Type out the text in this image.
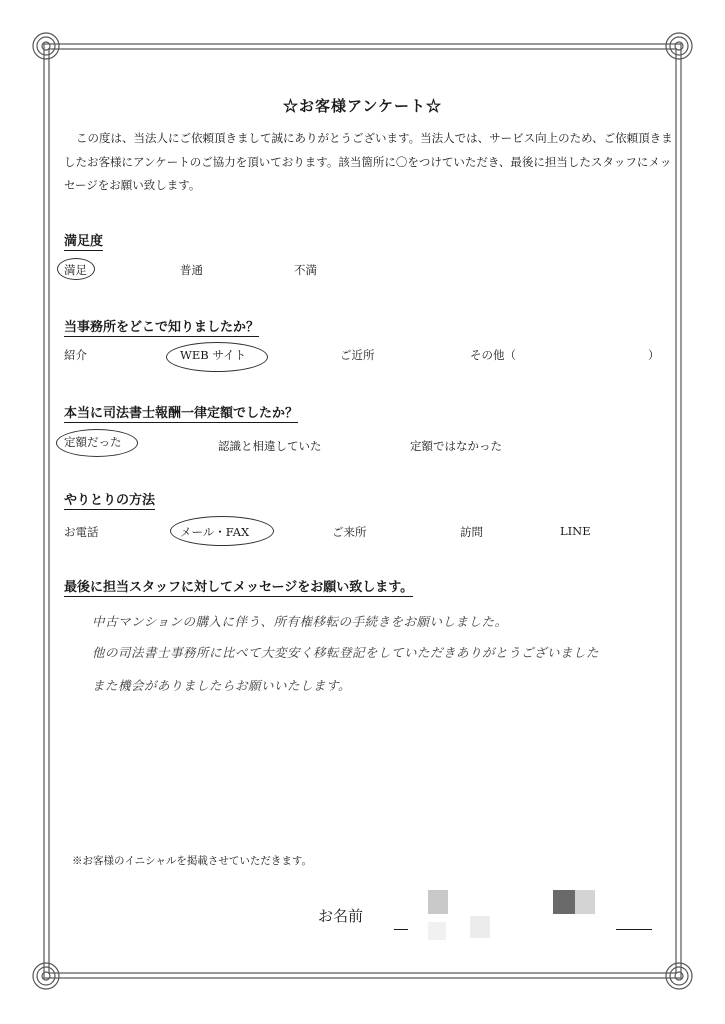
☆お客様アンケート☆
この度は、当法人にご依頼頂きまして誠にありがとうございます。当法人では、サービス向上のため、ご依頼頂きましたお客様にアンケートのご協力を頂いております。該当箇所に〇をつけていただき、最後に担当したスタッフにメッセージをお願い致します。
満足度
満足	普通	不満
当事務所をどこで知りましたか？
紹介	WEB サイト	ご近所	その他（	）
本当に司法書士報酬一律定額でしたか？
定額だった	認識と相違していた	定額ではなかった
やりとりの方法
お電話	メール・FAX	ご来所	訪問	LINE
最後に担当スタッフに対してメッセージをお願い致します。
中古マンションの購入に伴う、所有権移転の手続きをお願いしました。
他の司法書士事務所に比べて大変安く移転登記をしていただきありがとうございました
また機会がありましたらお願いいたします。
※お客様のイニシャルを掲載させていただきます。
お名前
